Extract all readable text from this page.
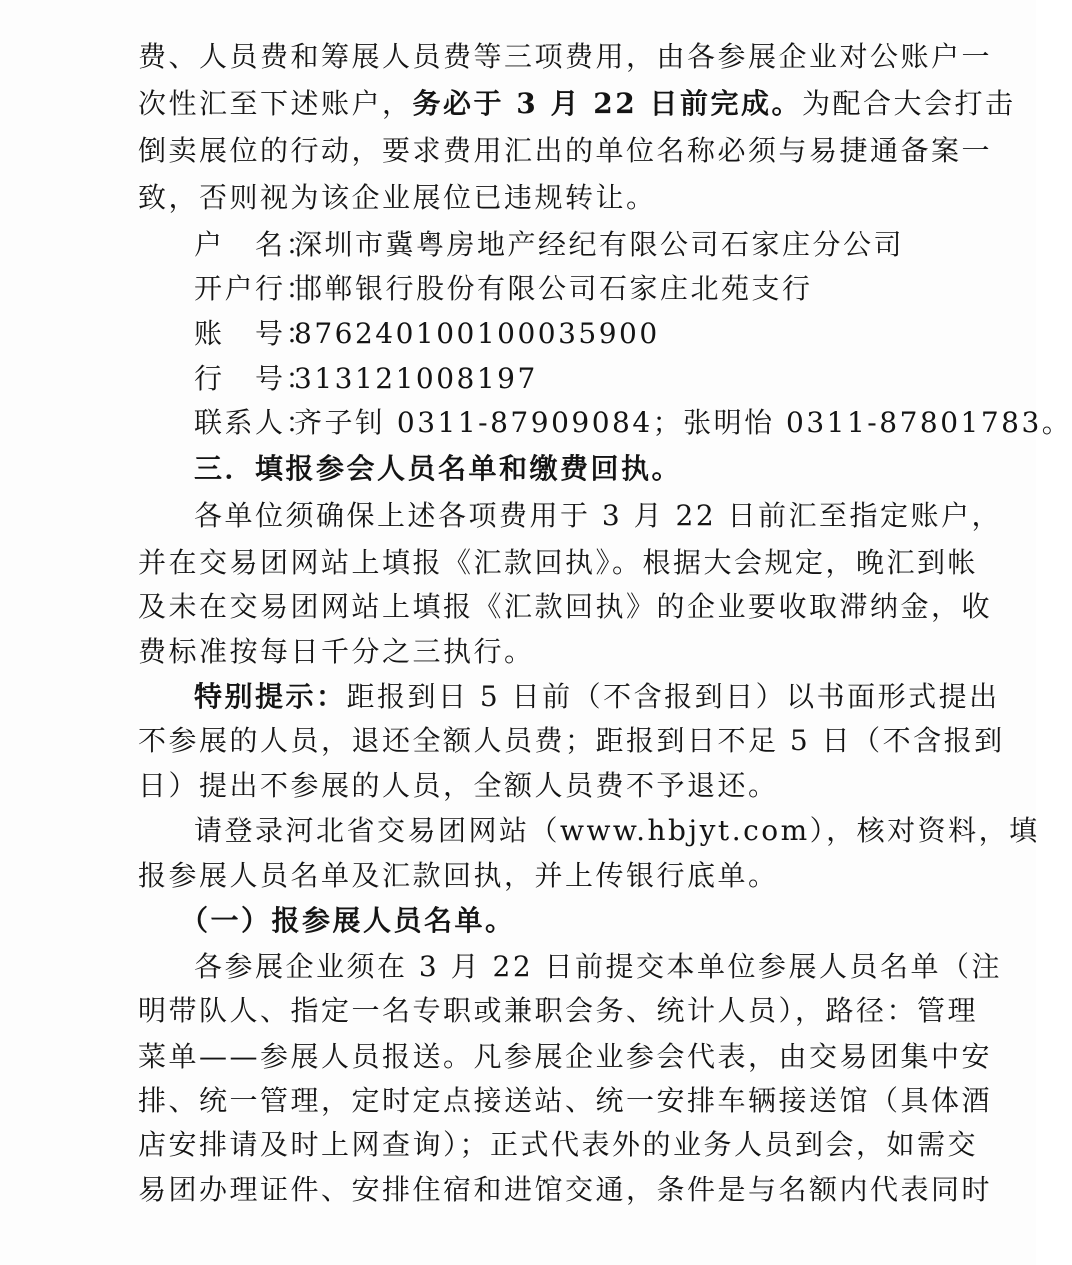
费、人员费和筹展人员费等三项费用，由各参展企业对公账户一
次性汇至下述账户，务必于 3 月 22 日前完成。为配合大会打击
倒卖展位的行动，要求费用汇出的单位名称必须与易捷通备案一
致，否则视为该企业展位已违规转让。
户　名：深圳市冀粤房地产经纪有限公司石家庄分公司
开户行：邯郸银行股份有限公司石家庄北苑支行
账　号：876240100100035900
行　号：313121008197
联系人：齐子钊 0311-87909084；张明怡 0311-87801783。
三．填报参会人员名单和缴费回执。
各单位须确保上述各项费用于 3 月 22 日前汇至指定账户，
并在交易团网站上填报《汇款回执》。根据大会规定，晚汇到帐
及未在交易团网站上填报《汇款回执》的企业要收取滞纳金，收
费标准按每日千分之三执行。
特别提示：距报到日 5 日前（不含报到日）以书面形式提出
不参展的人员，退还全额人员费；距报到日不足 5 日（不含报到
日）提出不参展的人员，全额人员费不予退还。
请登录河北省交易团网站（www.hbjyt.com），核对资料，填
报参展人员名单及汇款回执，并上传银行底单。
（一）报参展人员名单。
各参展企业须在 3 月 22 日前提交本单位参展人员名单（注
明带队人、指定一名专职或兼职会务、统计人员），路径：管理
菜单——参展人员报送。凡参展企业参会代表，由交易团集中安
排、统一管理，定时定点接送站、统一安排车辆接送馆（具体酒
店安排请及时上网查询）；正式代表外的业务人员到会，如需交
易团办理证件、安排住宿和进馆交通，条件是与名额内代表同时
